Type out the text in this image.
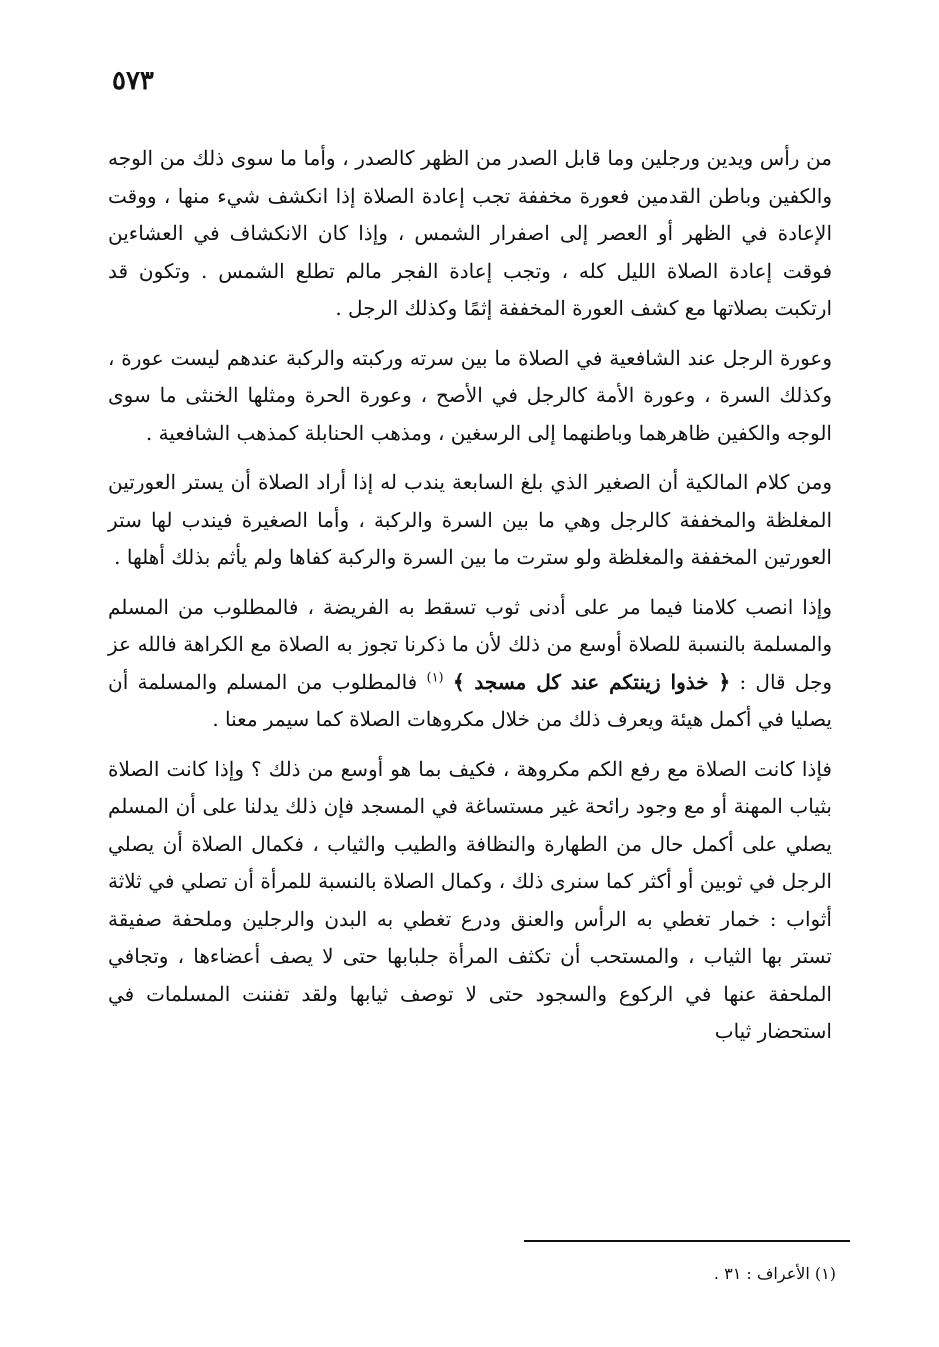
٥٧٣

من رأس ويدين ورجلين وما قابل الصدر من الظهر كالصدر ، وأما ما سوى ذلك من الوجه والكفين وباطن القدمين فعورة مخففة تجب إعادة الصلاة إذا انكشف شيء منها ، ووقت الإعادة في الظهر أو العصر إلى اصفرار الشمس ، وإذا كان الانكشاف في العشاءين فوقت إعادة الصلاة الليل كله ، وتجب إعادة الفجر مالم تطلع الشمس . وتكون قد ارتكبت بصلاتها مع كشف العورة المخففة إثمًا وكذلك الرجل .

وعورة الرجل عند الشافعية في الصلاة ما بين سرته وركبته والركبة عندهم ليست عورة ، وكذلك السرة ، وعورة الأمة كالرجل في الأصح ، وعورة الحرة ومثلها الخنثى ما سوى الوجه والكفين ظاهرهما وباطنهما إلى الرسغين ، ومذهب الحنابلة كمذهب الشافعية .

ومن كلام المالكية أن الصغير الذي بلغ السابعة يندب له إذا أراد الصلاة أن يستر العورتين المغلظة والمخففة كالرجل وهي ما بين السرة والركبة ، وأما الصغيرة فيندب لها ستر العورتين المخففة والمغلظة ولو سترت ما بين السرة والركبة كفاها ولم يأثم بذلك أهلها .

وإذا انصب كلامنا فيما مر على أدنى ثوب تسقط به الفريضة ، فالمطلوب من المسلم والمسلمة بالنسبة للصلاة أوسع من ذلك لأن ما ذكرنا تجوز به الصلاة مع الكراهة فالله عز وجل قال : ﴿ خذوا زينتكم عند كل مسجد ﴾ $^{(١)}$ فالمطلوب من المسلم والمسلمة أن يصليا في أكمل هيئة ويعرف ذلك من خلال مكروهات الصلاة كما سيمر معنا .

فإذا كانت الصلاة مع رفع الكم مكروهة ، فكيف بما هو أوسع من ذلك ؟ وإذا كانت الصلاة بثياب المهنة أو مع وجود رائحة غير مستساغة في المسجد فإن ذلك يدلنا على أن المسلم يصلي على أكمل حال من الطهارة والنظافة والطيب والثياب ، فكمال الصلاة أن يصلي الرجل في ثوبين أو أكثر كما سنرى ذلك ، وكمال الصلاة بالنسبة للمرأة أن تصلي في ثلاثة أثواب : خمار تغطي به الرأس والعنق ودرع تغطي به البدن والرجلين وملحفة صفيقة تستر بها الثياب ، والمستحب أن تكثف المرأة جلبابها حتى لا يصف أعضاءها ، وتجافي الملحفة عنها في الركوع والسجود حتى لا توصف ثيابها ولقد تفننت المسلمات في استحضار ثياب

(١) الأعراف : ٣١ .
